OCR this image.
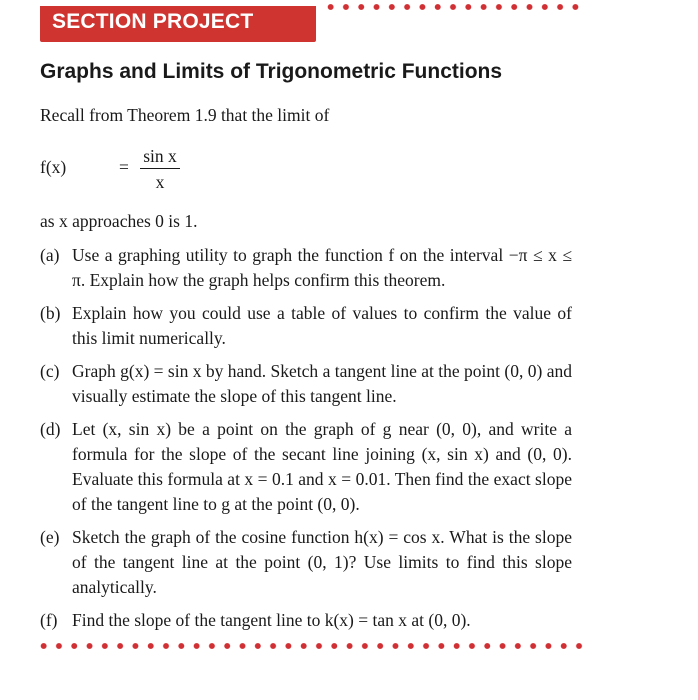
SECTION PROJECT
Graphs and Limits of Trigonometric Functions
Recall from Theorem 1.9 that the limit of
f(x)	=
sin x
x
as x approaches 0 is 1.
(a) Use a graphing utility to graph the function f on the interval −π ≤ x ≤ π. Explain how the graph helps confirm this theorem.
(b) Explain how you could use a table of values to confirm the value of this limit numerically.
(c) Graph g(x) = sin x by hand. Sketch a tangent line at the point (0, 0) and visually estimate the slope of this tangent line.
(d) Let (x, sin x) be a point on the graph of g near (0, 0), and write a formula for the slope of the secant line joining (x, sin x) and (0, 0). Evaluate this formula at x = 0.1 and x = 0.01. Then find the exact slope of the tangent line to g at the point (0, 0).
(e) Sketch the graph of the cosine function h(x) = cos x. What is the slope of the tangent line at the point (0, 1)? Use limits to find this slope analytically.
(f) Find the slope of the tangent line to k(x) = tan x at (0, 0).
